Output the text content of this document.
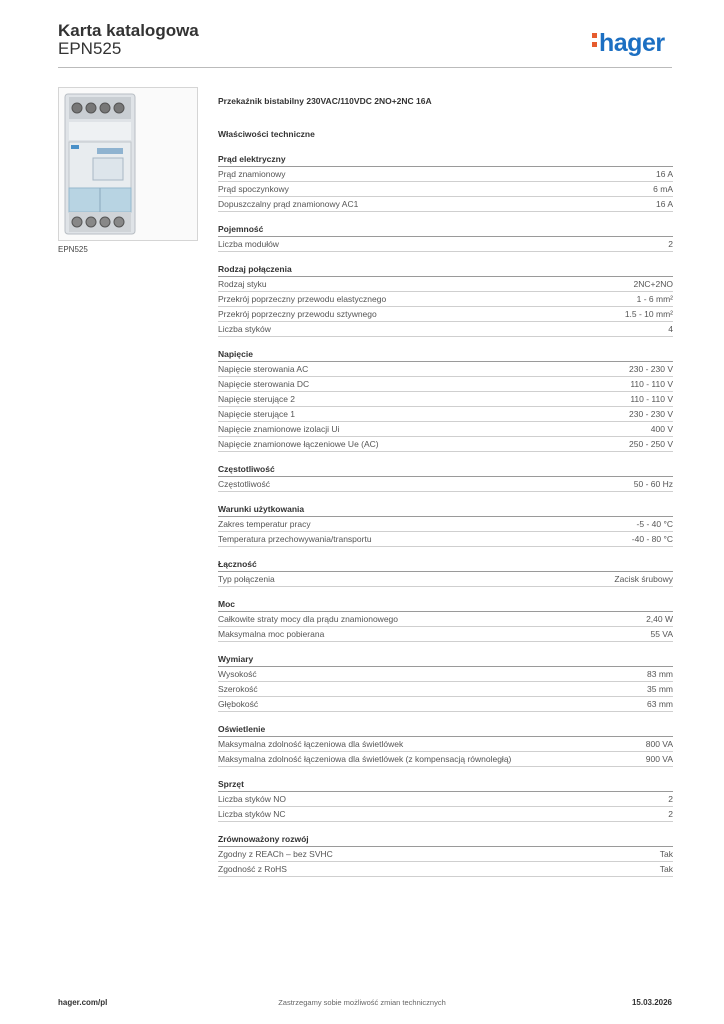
Karta katalogowa
EPN525	hager
EPN525
Przekaźnik bistabilny 230VAC/110VDC 2NO+2NC 16A
Właściwości techniczne
Prąd elektryczny
Prąd znamionowy	16 A
Prąd spoczynkowy	6 mA
Dopuszczalny prąd znamionowy AC1	16 A
Pojemność
Liczba modułów	2
Rodzaj połączenia
Rodzaj styku	2NC+2NO
Przekrój poprzeczny przewodu elastycznego	1 - 6 mm²
Przekrój poprzeczny przewodu sztywnego	1.5 - 10 mm²
Liczba styków	4
Napięcie
Napięcie sterowania AC	230 - 230 V
Napięcie sterowania DC	110 - 110 V
Napięcie sterujące 2	110 - 110 V
Napięcie sterujące 1	230 - 230 V
Napięcie znamionowe izolacji Ui	400 V
Napięcie znamionowe łączeniowe Ue (AC)	250 - 250 V
Częstotliwość
Częstotliwość	50 - 60 Hz
Warunki użytkowania
Zakres temperatur pracy	-5 - 40 °C
Temperatura przechowywania/transportu	-40 - 80 °C
Łączność
Typ połączenia	Zacisk śrubowy
Moc
Całkowite straty mocy dla prądu znamionowego	2,40 W
Maksymalna moc pobierana	55 VA
Wymiary
Wysokość	83 mm
Szerokość	35 mm
Głębokość	63 mm
Oświetlenie
Maksymalna zdolność łączeniowa dla świetlówek	800 VA
Maksymalna zdolność łączeniowa dla świetlówek (z kompensacją równoległą)	900 VA
Sprzęt
Liczba styków NO	2
Liczba styków NC	2
Zrównoważony rozwój
Zgodny z REACh – bez SVHC	Tak
Zgodność z RoHS	Tak
hager.com/pl	Zastrzegamy sobie możliwość zmian technicznych	15.03.2026
